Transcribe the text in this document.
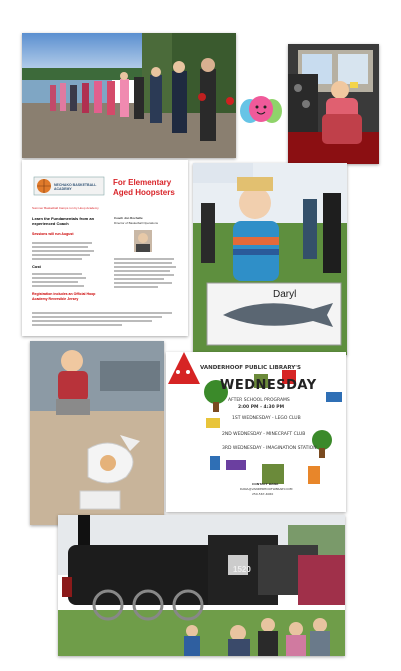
NECHAKO BASKETBALL ACADEMY

For Elementary Aged Hoopsters

Summer Basketball Camps run by Hoop Academy

Learn the Fundamentals from an experienced Coach

Sessions will run August

Cost

Registration includes an Official Hoop Academy Reversible Jersey

Coach Jon Rochelle

Director of Basketball Operations

Daryl

VANDERHOOF PUBLIC LIBRARY'S

WEDNESDAY

AFTER SCHOOL PROGRAMS

2:00 PM - 4:30 PM

1ST WEDNESDAY - LEGO CLUB

2ND WEDNESDAY - MINECRAFT CLUB

3RD WEDNESDAY - IMAGINATION STATION

CONTACT DANA

DANA@VANDERHOOFLIBRARY.COM

250-567-4060

1520
